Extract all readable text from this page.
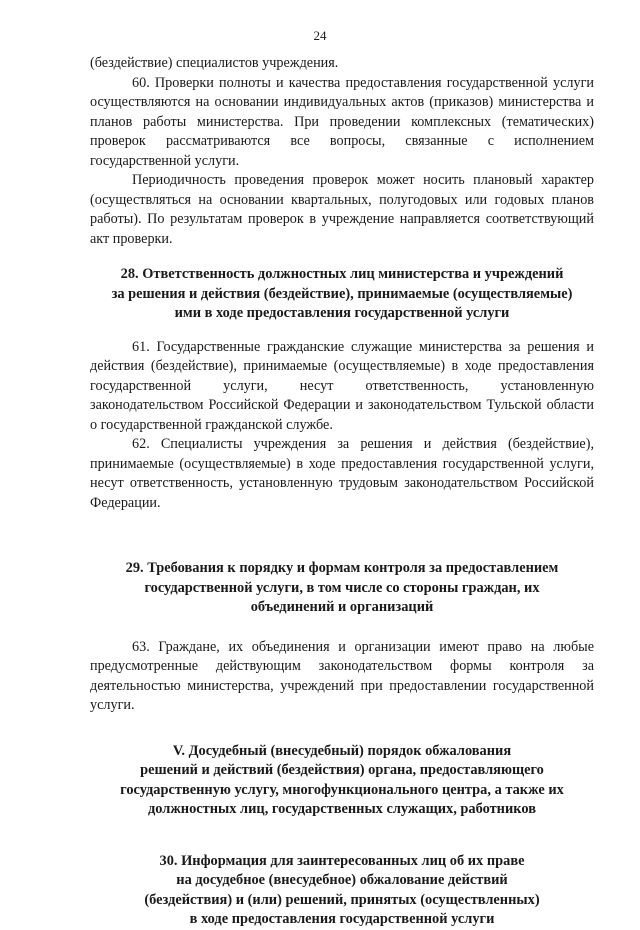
24

(бездействие) специалистов учреждения.

60. Проверки полноты и качества предоставления государственной услуги осуществляются на основании индивидуальных актов (приказов) министерства и планов работы министерства. При проведении комплексных (тематических) проверок рассматриваются все вопросы, связанные с исполнением государственной услуги.

Периодичность проведения проверок может носить плановый характер (осуществляться на основании квартальных, полугодовых или годовых планов работы). По результатам проверок в учреждение направляется соответствующий акт проверки.

28. Ответственность должностных лиц министерства и учреждений
за решения и действия (бездействие), принимаемые (осуществляемые)
ими в ходе предоставления государственной услуги

61. Государственные гражданские служащие министерства за решения и действия (бездействие), принимаемые (осуществляемые) в ходе предоставления государственной услуги, несут ответственность, установленную законодательством Российской Федерации и законодательством Тульской области о государственной гражданской службе.

62. Специалисты учреждения за решения и действия (бездействие), принимаемые (осуществляемые) в ходе предоставления государственной услуги, несут ответственность, установленную трудовым законодательством Российской Федерации.

29. Требования к порядку и формам контроля за предоставлением
государственной услуги, в том числе со стороны граждан, их
объединений и организаций

63. Граждане, их объединения и организации имеют право на любые предусмотренные действующим законодательством формы контроля за деятельностью министерства, учреждений при предоставлении государственной услуги.

V. Досудебный (внесудебный) порядок обжалования
решений и действий (бездействия) органа, предоставляющего
государственную услугу, многофункционального центра, а также их
должностных лиц, государственных служащих, работников
30. Информация для заинтересованных лиц об их праве
на досудебное (внесудебное) обжалование действий
(бездействия) и (или) решений, принятых (осуществленных)
в ходе предоставления государственной услуги
